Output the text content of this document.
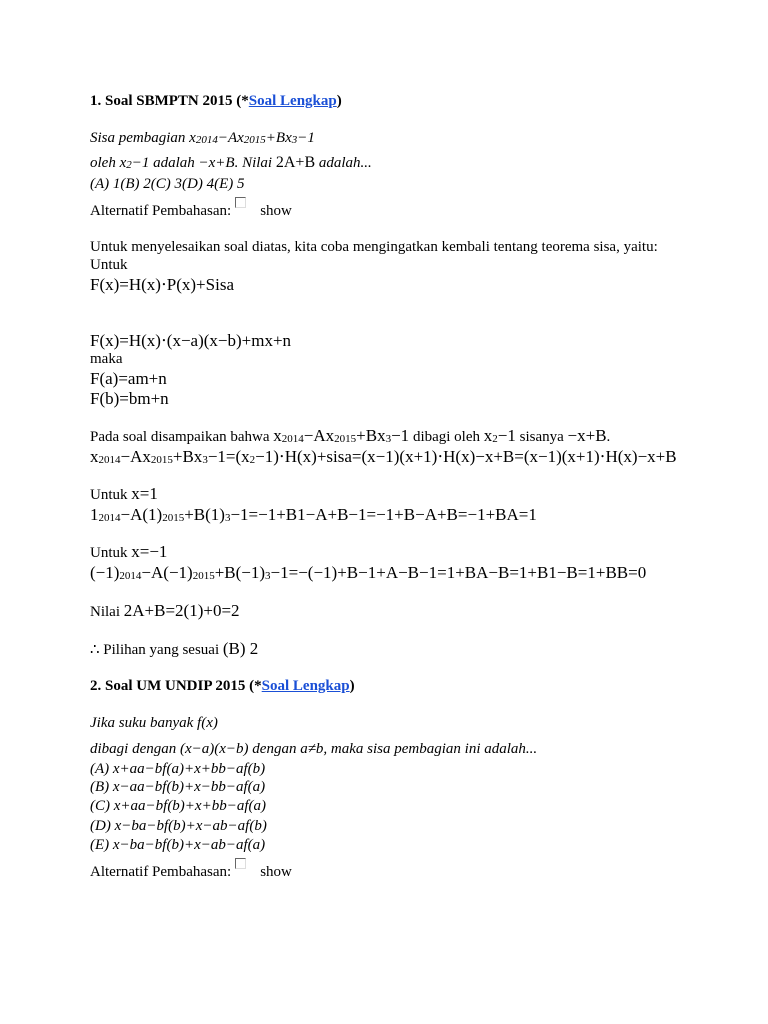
1. Soal SBMPTN 2015 (*Soal Lengkap)
Sisa pembagian x2014−Ax2015+Bx3−1
oleh x2−1 adalah −x+B. Nilai 2A+B adalah...
(A) 1(B) 2(C) 3(D) 4(E) 5
Alternatif Pembahasan: show
Untuk menyelesaikan soal diatas, kita coba mengingatkan kembali tentang teorema sisa, yaitu:
Untuk
F(x)=H(x)⋅P(x)+Sisa
F(x)=H(x)⋅(x−a)(x−b)+mx+n
maka
F(a)=am+n
F(b)=bm+n
Pada soal disampaikan bahwa x2014−Ax2015+Bx3−1 dibagi oleh x2−1 sisanya −x+B.
x2014−Ax2015+Bx3−1=(x2−1)⋅H(x)+sisa=(x−1)(x+1)⋅H(x)−x+B=(x−1)(x+1)⋅H(x)−x+B
Untuk x=1
12014−A(1)2015+B(1)3−1=−1+B1−A+B−1=−1+B−A+B=−1+BA=1
Untuk x=−1
(−1)2014−A(−1)2015+B(−1)3−1=−(−1)+B−1+A−B−1=1+BA−B=1+B1−B=1+BB=0
Nilai 2A+B=2(1)+0=2
∴ Pilihan yang sesuai (B) 2
2. Soal UM UNDIP 2015 (*Soal Lengkap)
Jika suku banyak f(x)
dibagi dengan (x−a)(x−b) dengan a≠b, maka sisa pembagian ini adalah...
(A) x+aa−bf(a)+x+bb−af(b)
(B) x−aa−bf(b)+x−bb−af(a)
(C) x+aa−bf(b)+x+bb−af(a)
(D) x−ba−bf(b)+x−ab−af(b)
(E) x−ba−bf(b)+x−ab−af(a)
Alternatif Pembahasan: show
